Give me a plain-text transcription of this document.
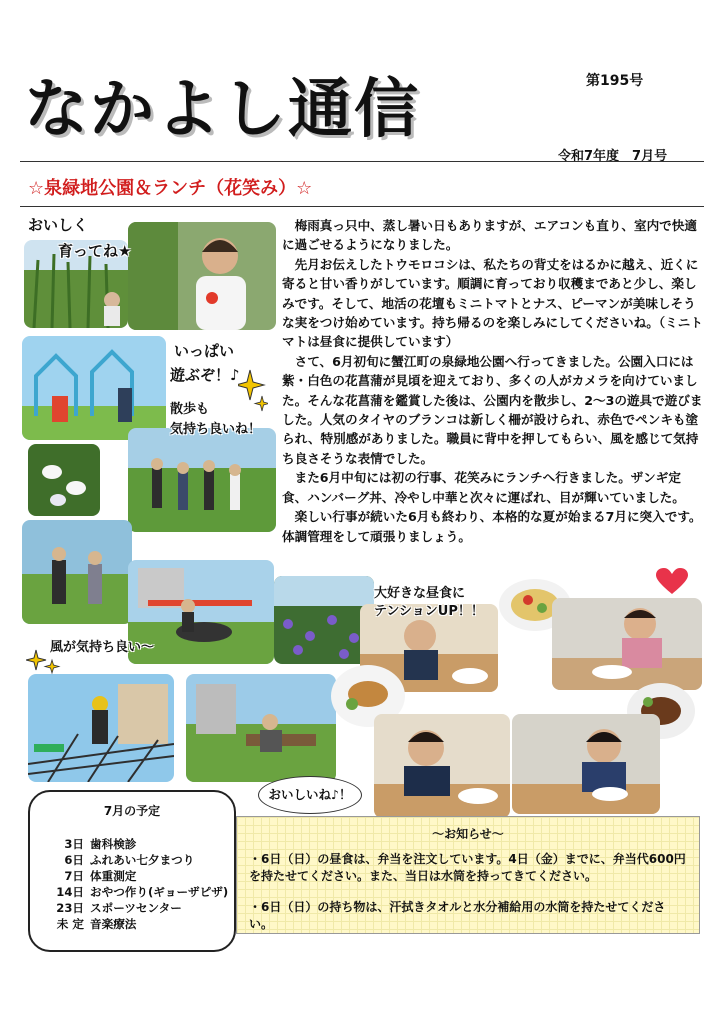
なかよし通信	第195号
令和7年度　7月号
☆泉緑地公園＆ランチ（花笑み）☆

梅雨真っ只中、蒸し暑い日もありますが、エアコンも直り、室内で快適に過ごせるようになりました。

先月お伝えしたトウモロコシは、私たちの背丈をはるかに越え、近くに寄ると甘い香りがしています。順調に育っており収穫まであと少し、楽しみです。そして、地活の花壇もミニトマトとナス、ピーマンが美味しそうな実をつけ始めています。持ち帰るのを楽しみにしてくださいね。（ミニトマトは昼食に提供しています）

さて、6月初旬に蟹江町の泉緑地公園へ行ってきました。公園入口には紫・白色の花菖蒲が見頃を迎えており、多くの人がカメラを向けていました。そんな花菖蒲を鑑賞した後は、公園内を散歩し、2～3の遊具で遊びました。人気のタイヤのブランコは新しく柵が設けられ、赤色でペンキも塗られ、特別感がありました。職員に背中を押してもらい、風を感じて気持ち良さそうな表情でした。

また6月中旬には初の行事、花笑みにランチへ行きました。ザンギ定食、ハンバーグ丼、冷やし中華と次々に運ばれ、目が輝いていました。

楽しい行事が続いた6月も終わり、本格的な夏が始まる7月に突入です。体調管理をして頑張りましょう。

おいしく
育ってね★
いっぱい
遊ぶぞ！♪
散歩も
気持ち良いね！
風が気持ち良い～
大好きな昼食に
テンションUP！！
おいしいね♪！
7月の予定
3日 歯科検診
6日 ふれあい七夕まつり
7日 体重測定
14日 おやつ作り(ギョーザピザ)
23日 スポーツセンター
未 定 音楽療法
～お知らせ～
・6日（日）の昼食は、弁当を注文しています。4日（金）までに、弁当代600円を持たせてください。また、当日は水筒を持ってきてください。
・6日（日）の持ち物は、汗拭きタオルと水分補給用の水筒を持たせてください。
